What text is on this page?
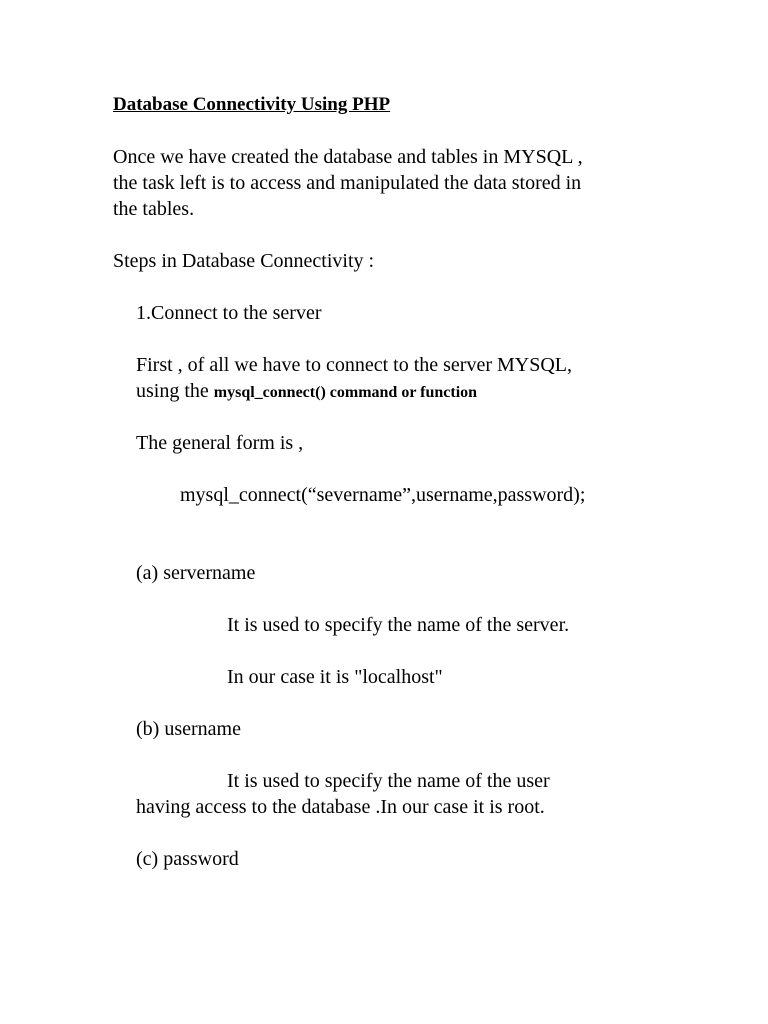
Database Connectivity Using PHP

Once we have created the database and tables in MYSQL ,

the task left is to access and manipulated the data stored in

the tables.

Steps in Database Connectivity :

1.Connect to the server

First , of all we have to connect to the server MYSQL,

using the mysql_connect() command or function

The general form is ,

mysql_connect(“severname”,username,password);

(a) servername

It is used to specify the name of the server.

In our case it is "localhost"

(b) username

It is used to specify the name of the user

having access to the database .In our case it is root.

(c) password
